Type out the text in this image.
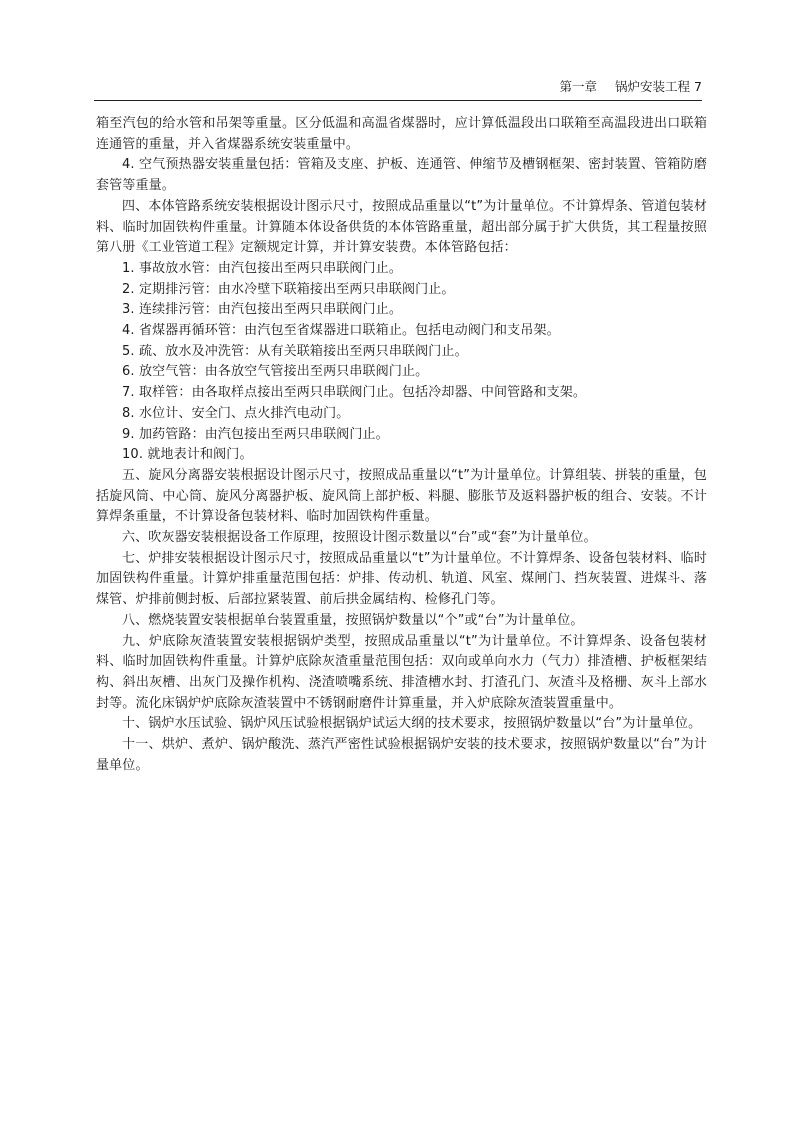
第一章 锅炉安装工程 7

箱至汽包的给水管和吊架等重量。区分低温和高温省煤器时，应计算低温段出口联箱至高温段进出口联箱连通管的重量，并入省煤器系统安装重量中。

4. 空气预热器安装重量包括：管箱及支座、护板、连通管、伸缩节及槽钢框架、密封装置、管箱防磨套管等重量。

四、本体管路系统安装根据设计图示尺寸，按照成品重量以“t”为计量单位。不计算焊条、管道包装材料、临时加固铁构件重量。计算随本体设备供货的本体管路重量，超出部分属于扩大供货，其工程量按照第八册《工业管道工程》定额规定计算，并计算安装费。本体管路包括：

1. 事故放水管：由汽包接出至两只串联阀门止。

2. 定期排污管：由水冷壁下联箱接出至两只串联阀门止。

3. 连续排污管：由汽包接出至两只串联阀门止。

4. 省煤器再循环管：由汽包至省煤器进口联箱止。包括电动阀门和支吊架。

5. 疏、放水及冲洗管：从有关联箱接出至两只串联阀门止。

6. 放空气管：由各放空气管接出至两只串联阀门止。

7. 取样管：由各取样点接出至两只串联阀门止。包括冷却器、中间管路和支架。

8. 水位计、安全门、点火排汽电动门。

9. 加药管路：由汽包接出至两只串联阀门止。

10. 就地表计和阀门。

五、旋风分离器安装根据设计图示尺寸，按照成品重量以“t”为计量单位。计算组装、拼装的重量，包括旋风筒、中心筒、旋风分离器护板、旋风筒上部护板、料腿、膨胀节及返料器护板的组合、安装。不计算焊条重量，不计算设备包装材料、临时加固铁构件重量。

六、吹灰器安装根据设备工作原理，按照设计图示数量以“台”或“套”为计量单位。

七、炉排安装根据设计图示尺寸，按照成品重量以“t”为计量单位。不计算焊条、设备包装材料、临时加固铁构件重量。计算炉排重量范围包括：炉排、传动机、轨道、风室、煤闸门、挡灰装置、进煤斗、落煤管、炉排前侧封板、后部拉紧装置、前后拱金属结构、检修孔门等。

八、燃烧装置安装根据单台装置重量，按照锅炉数量以“个”或“台”为计量单位。

九、炉底除灰渣装置安装根据锅炉类型，按照成品重量以“t”为计量单位。不计算焊条、设备包装材料、临时加固铁构件重量。计算炉底除灰渣重量范围包括：双向或单向水力（气力）排渣槽、护板框架结构、斜出灰槽、出灰门及操作机构、浇渣喷嘴系统、排渣槽水封、打渣孔门、灰渣斗及格栅、灰斗上部水封等。流化床锅炉炉底除灰渣装置中不锈钢耐磨件计算重量，并入炉底除灰渣装置重量中。

十、锅炉水压试验、锅炉风压试验根据锅炉试运大纲的技术要求，按照锅炉数量以“台”为计量单位。

十一、烘炉、煮炉、锅炉酸洗、蒸汽严密性试验根据锅炉安装的技术要求，按照锅炉数量以“台”为计量单位。
